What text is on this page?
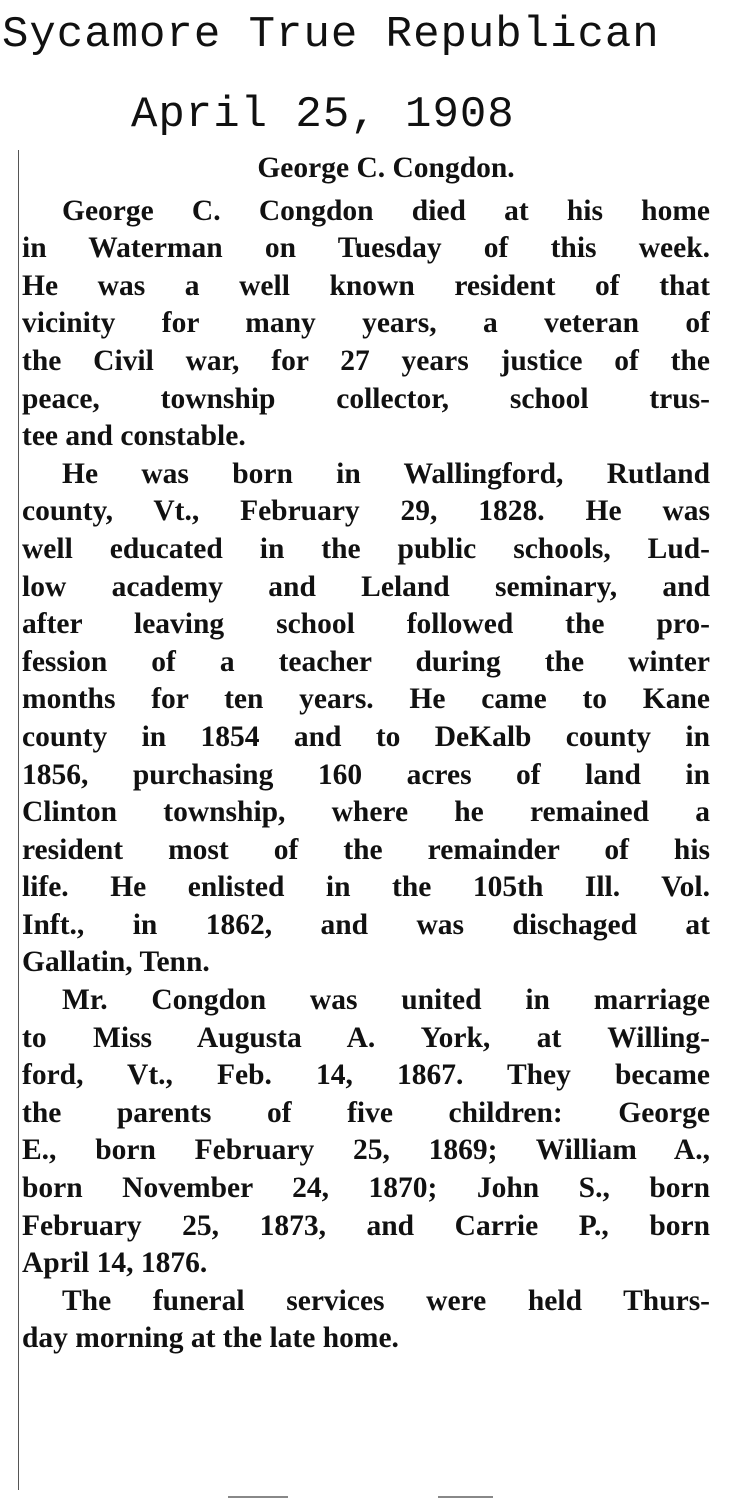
Sycamore True Republican
April 25, 1908
George C. Congdon.

George C. Congdon died at his home
in Waterman on Tuesday of this week.
He was a well known resident of that
vicinity for many years, a veteran of
the Civil war, for 27 years justice of the
peace, township collector, school trus-
tee and constable.

He was born in Wallingford, Rutland
county, Vt., February 29, 1828. He was
well educated in the public schools, Lud-
low academy and Leland seminary, and
after leaving school followed the pro-
fession of a teacher during the winter
months for ten years. He came to Kane
county in 1854 and to DeKalb county in
1856, purchasing 160 acres of land in
Clinton township, where he remained a
resident most of the remainder of his
life. He enlisted in the 105th Ill. Vol.
Inft., in 1862, and was dischaged at
Gallatin, Tenn.

Mr. Congdon was united in marriage
to Miss Augusta A. York, at Willing-
ford, Vt., Feb. 14, 1867. They became
the parents of five children: George
E., born February 25, 1869; William A.,
born November 24, 1870; John S., born
February 25, 1873, and Carrie P., born
April 14, 1876.

The funeral services were held Thurs-
day morning at the late home.
